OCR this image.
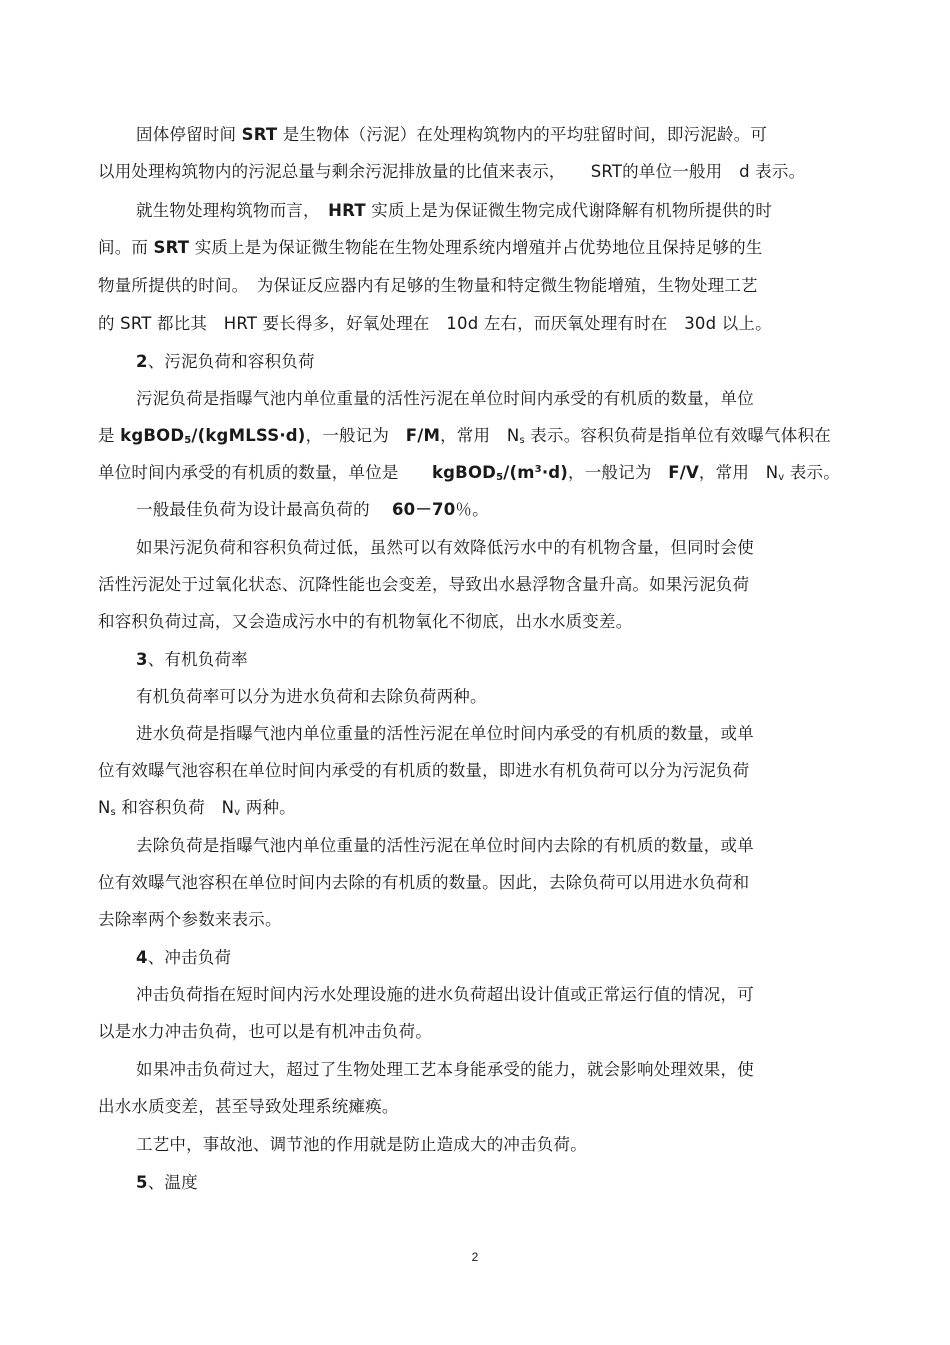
固体停留时间 SRT 是生物体（污泥）在处理构筑物内的平均驻留时间，即污泥龄。可
以用处理构筑物内的污泥总量与剩余污泥排放量的比值来表示，　　SRT的单位一般用　d 表示。
就生物处理构筑物而言，　HRT 实质上是为保证微生物完成代谢降解有机物所提供的时
间。而 SRT 实质上是为保证微生物能在生物处理系统内增殖并占优势地位且保持足够的生
物量所提供的时间。　为保证反应器内有足够的生物量和特定微生物能增殖，生物处理工艺
的 SRT 都比其　HRT 要长得多，好氧处理在　10d 左右，而厌氧处理有时在　30d 以上。
2、污泥负荷和容积负荷
污泥负荷是指曝气池内单位重量的活性污泥在单位时间内承受的有机质的数量，单位
是 kgBOD$_5$/(kgMLSS·d)，一般记为　F/M，常用　$N_s$ 表示。容积负荷是指单位有效曝气体积在
单位时间内承受的有机质的数量，单位是　　$kgBOD_5/(m^3\cdot d)$，一般记为　F/V，常用　$N_v$ 表示。
一般最佳负荷为设计最高负荷的　 60－70％。
如果污泥负荷和容积负荷过低，虽然可以有效降低污水中的有机物含量，但同时会使
活性污泥处于过氧化状态、沉降性能也会变差，导致出水悬浮物含量升高。如果污泥负荷
和容积负荷过高，又会造成污水中的有机物氧化不彻底，出水水质变差。
3、有机负荷率
有机负荷率可以分为进水负荷和去除负荷两种。
进水负荷是指曝气池内单位重量的活性污泥在单位时间内承受的有机质的数量，或单
位有效曝气池容积在单位时间内承受的有机质的数量，即进水有机负荷可以分为污泥负荷
$N_s$ 和容积负荷　$N_v$ 两种。
去除负荷是指曝气池内单位重量的活性污泥在单位时间内去除的有机质的数量，或单
位有效曝气池容积在单位时间内去除的有机质的数量。因此，去除负荷可以用进水负荷和
去除率两个参数来表示。
4、冲击负荷
冲击负荷指在短时间内污水处理设施的进水负荷超出设计值或正常运行值的情况，可
以是水力冲击负荷，也可以是有机冲击负荷。
如果冲击负荷过大，超过了生物处理工艺本身能承受的能力，就会影响处理效果，使
出水水质变差，甚至导致处理系统瘫痪。
工艺中，事故池、调节池的作用就是防止造成大的冲击负荷。
5、温度
2
